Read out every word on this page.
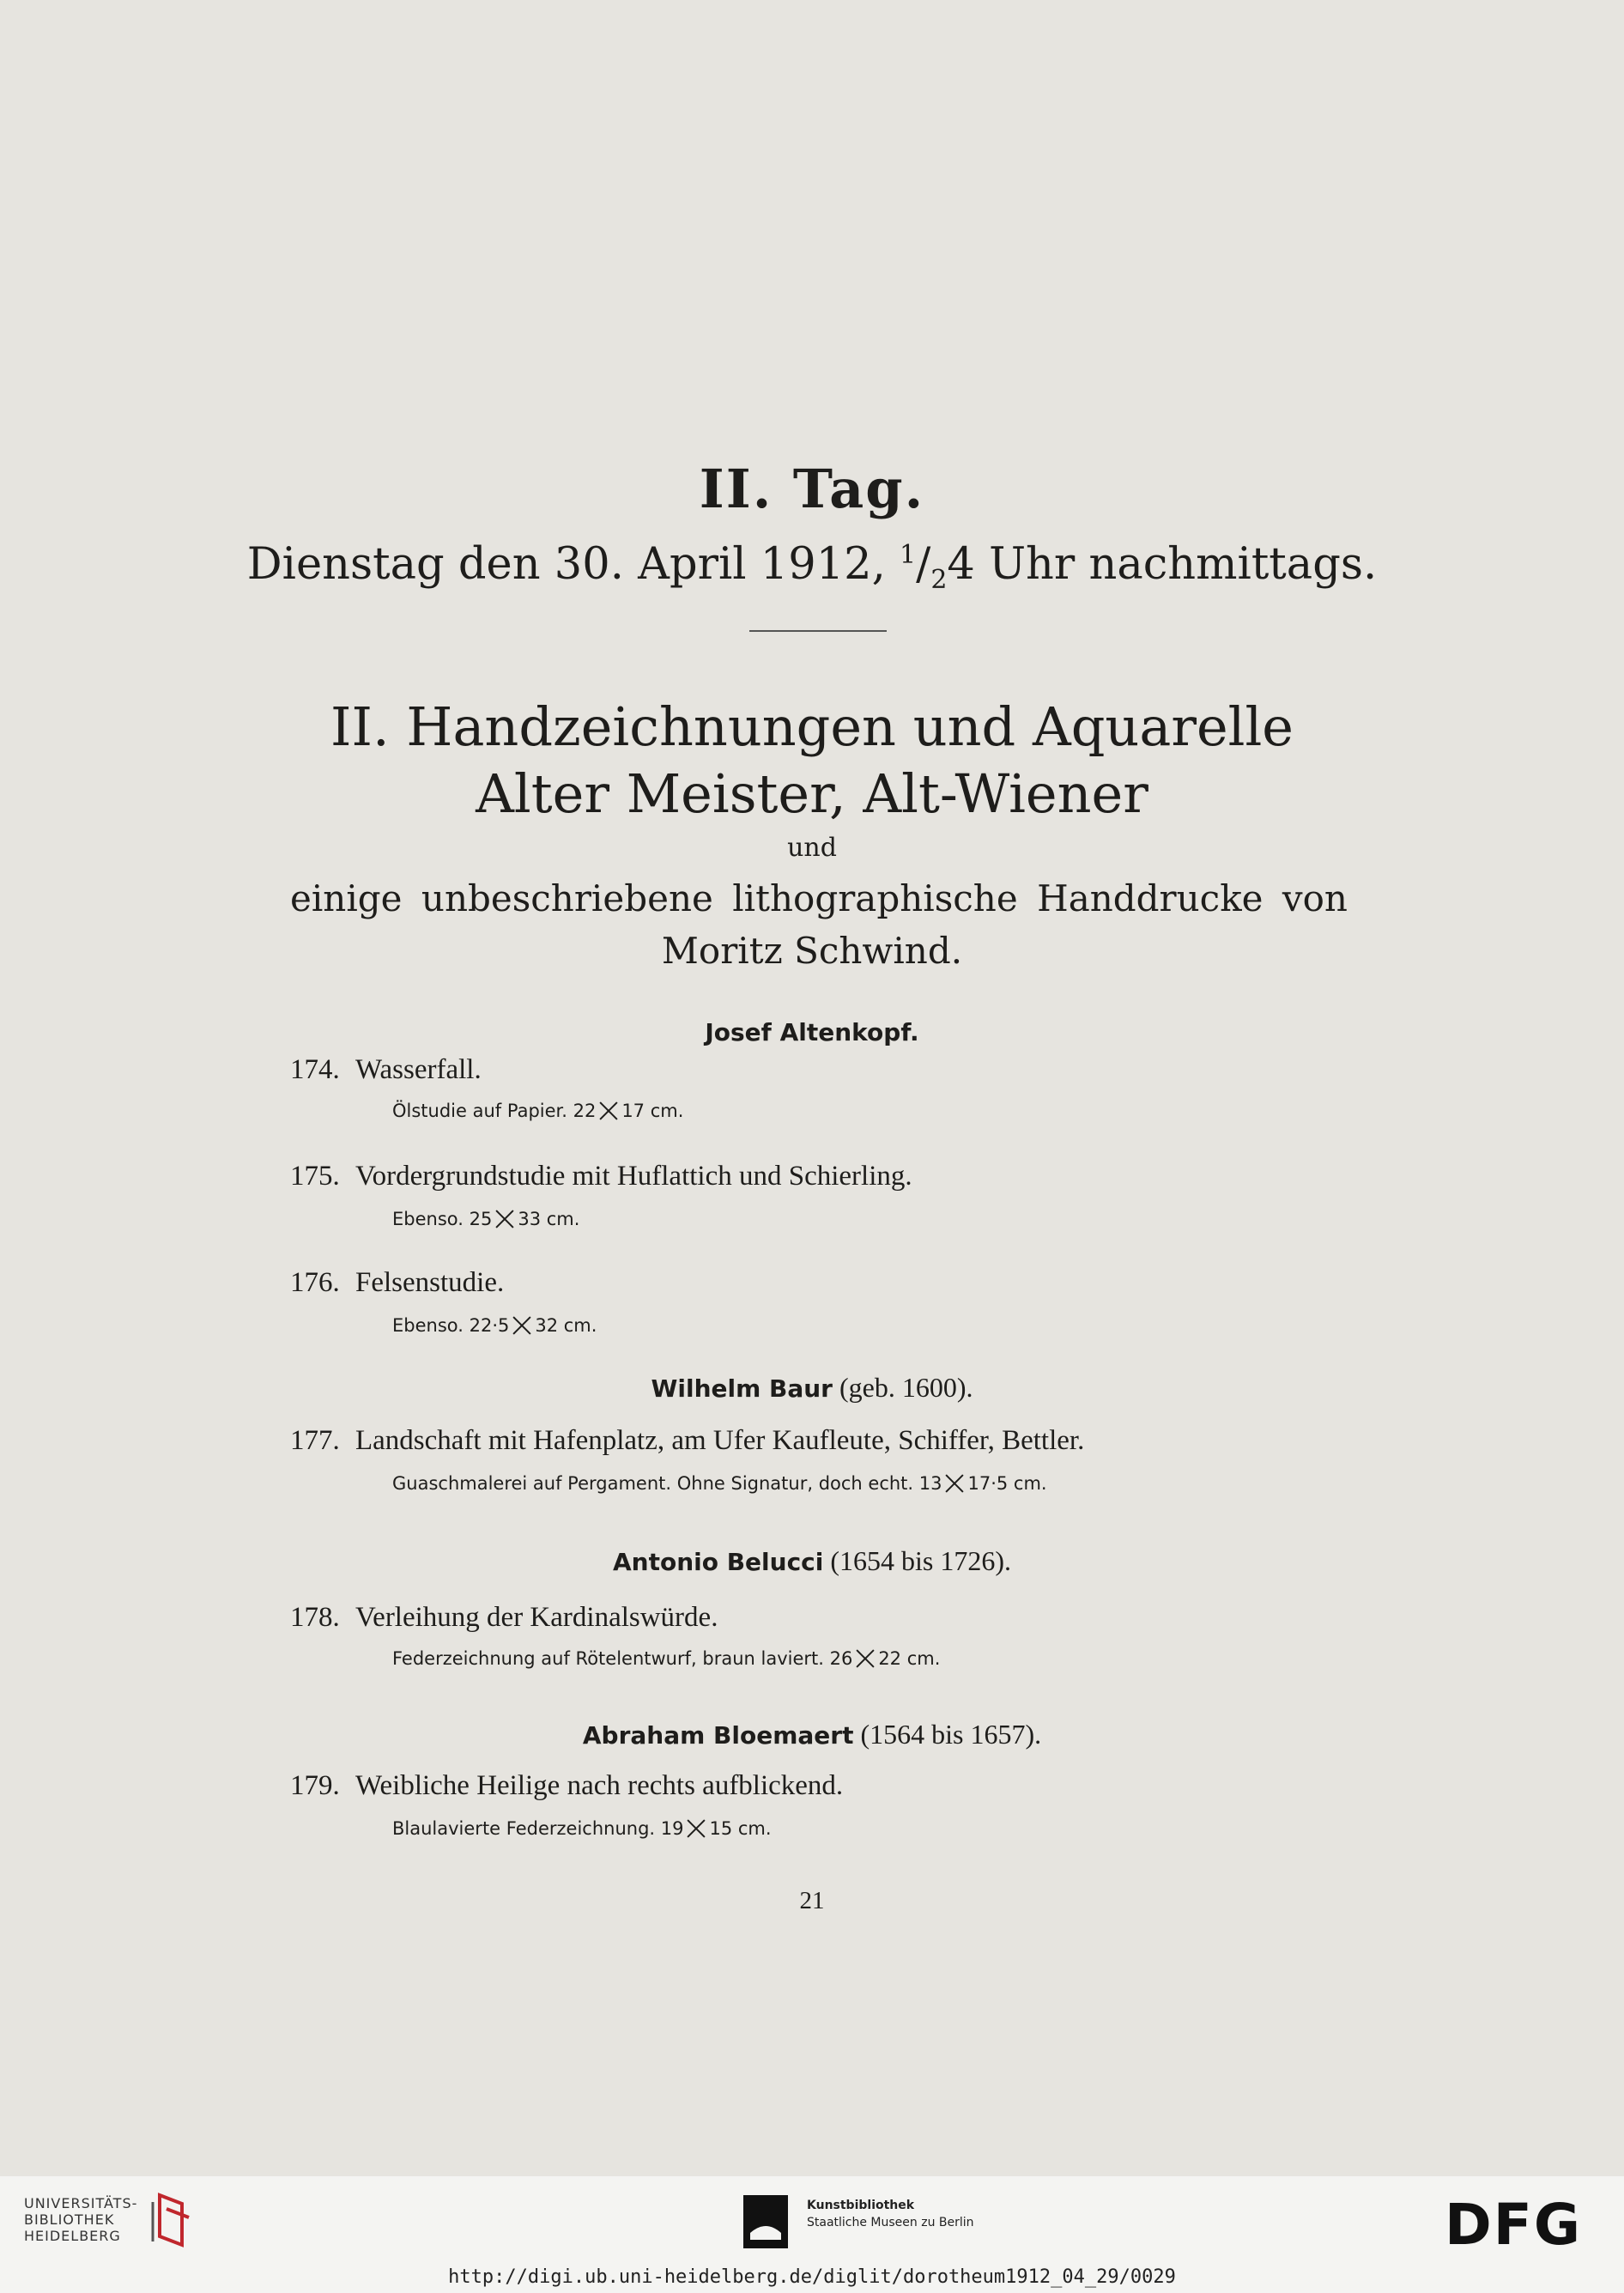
II. Tag.
Dienstag den 30. April 1912, $^1/_24$ Uhr nachmittags.
II. Handzeichnungen und Aquarelle
Alter Meister, Alt-Wiener
und
einige unbeschriebene lithographische Handdrucke von
Moritz Schwind.
Josef Altenkopf.
174. Wasserfall.
Ölstudie auf Papier. 22 17 cm.
175. Vordergrundstudie mit Huflattich und Schierling.
Ebenso. 25 33 cm.
176. Felsenstudie.
Ebenso. 22·5 32 cm.
Wilhelm Baur (geb. 1600).
177. Landschaft mit Hafenplatz, am Ufer Kaufleute, Schiffer, Bettler.
Guaschmalerei auf Pergament. Ohne Signatur, doch echt. 13 17·5 cm.
Antonio Belucci (1654 bis 1726).
178. Verleihung der Kardinalswürde.
Federzeichnung auf Rötelentwurf, braun laviert. 26 22 cm.
Abraham Bloemaert (1564 bis 1657).
179. Weibliche Heilige nach rechts aufblickend.
Blaulavierte Federzeichnung. 19 15 cm.
21
UNIVERSITÄTS-
BIBLIOTHEK
HEIDELBERG
Kunstbibliothek
Staatliche Museen zu Berlin	DFG
http://digi.ub.uni-heidelberg.de/diglit/dorotheum1912_04_29/0029
